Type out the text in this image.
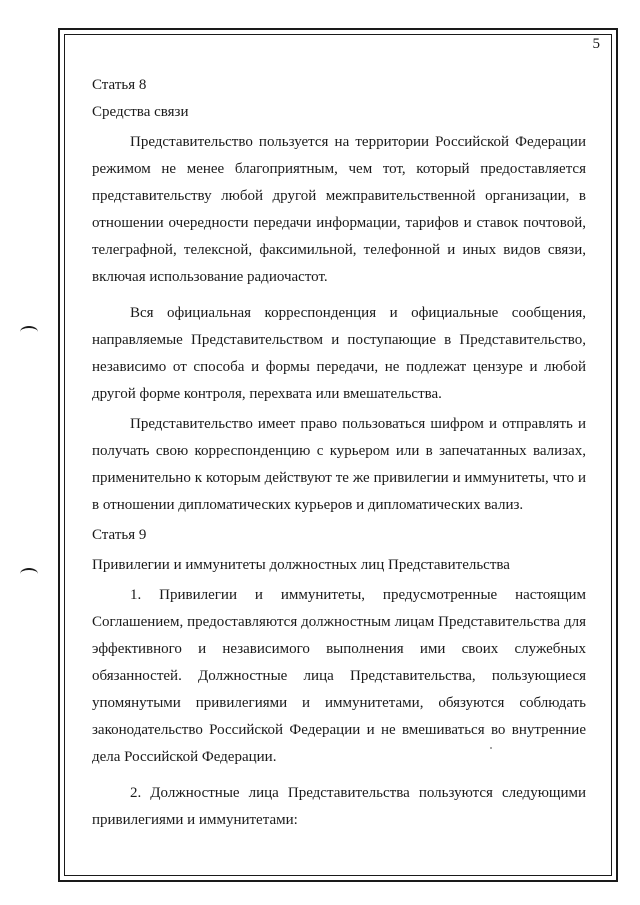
5

Статья 8

Средства связи

Представительство пользуется на территории Российской Федерации режимом не менее благоприятным, чем тот, который предоставляется представительству любой другой межправительственной организации, в отношении очередности передачи информации, тарифов и ставок почтовой, телеграфной, телексной, факсимильной, телефонной и иных видов связи, включая использование радиочастот.

Вся официальная корреспонденция и официальные сообщения, направляемые Представительством и поступающие в Представительство, независимо от способа и формы передачи, не подлежат цензуре и любой другой форме контроля, перехвата или вмешательства.

Представительство имеет право пользоваться шифром и отправлять и получать свою корреспонденцию с курьером или в запечатанных вализах, применительно к которым действуют те же привилегии и иммунитеты, что и в отношении дипломатических курьеров и дипломатических вализ.

Статья 9

Привилегии и иммунитеты должностных лиц Представительства

1. Привилегии и иммунитеты, предусмотренные настоящим Соглашением, предоставляются должностным лицам Представительства для эффективного и независимого выполнения ими своих служебных обязанностей. Должностные лица Представительства, пользующиеся упомянутыми привилегиями и иммунитетами, обязуются соблюдать законодательство Российской Федерации и не вмешиваться во внутренние дела Российской Федерации.

2. Должностные лица Представительства пользуются следующими привилегиями и иммунитетами:
